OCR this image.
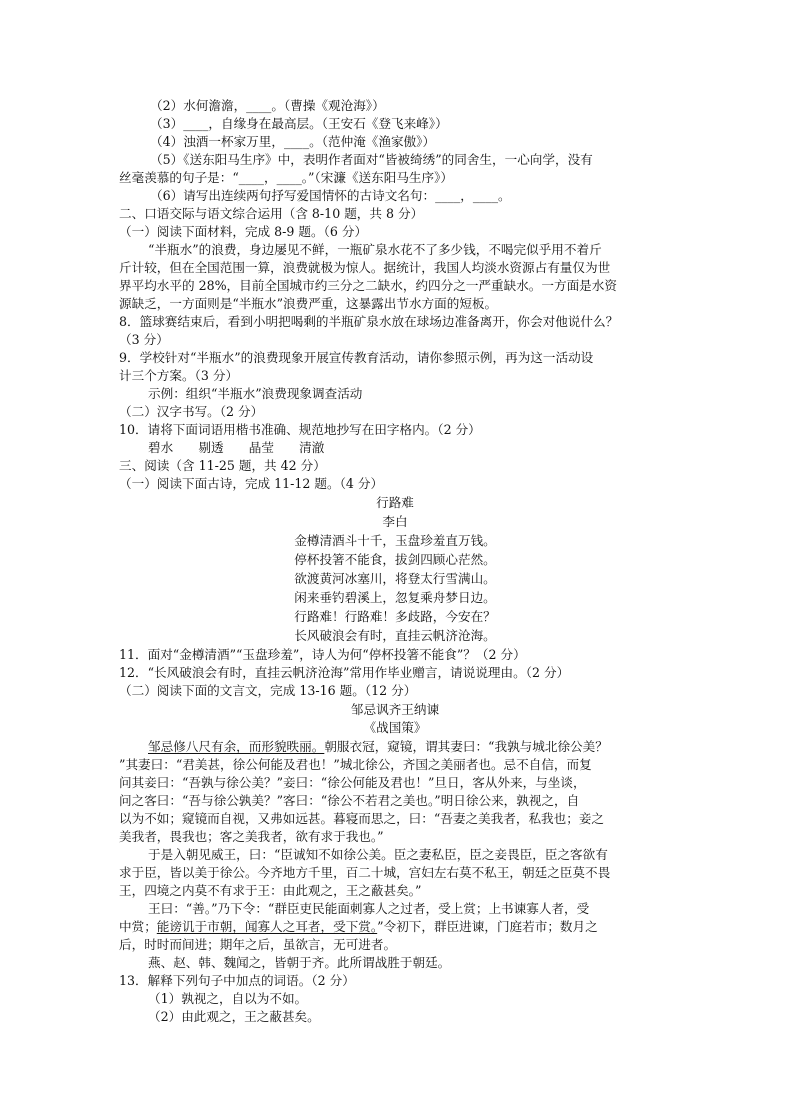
（2）水何澹澹，____。（曹操《观沧海》）
（3）____，自缘身在最高层。（王安石《登飞来峰》）
（4）浊酒一杯家万里，____。（范仲淹《渔家傲》）
（5）《送东阳马生序》中，表明作者面对“皆被绮绣”的同舍生，一心向学，没有
丝毫羡慕的句子是：“____，____。”（宋濂《送东阳马生序》）
（6）请写出连续两句抒写爱国情怀的古诗文名句：____，____。
二、口语交际与语文综合运用（含 8-10 题，共 8 分）
（一）阅读下面材料，完成 8-9 题。（6 分）
“半瓶水”的浪费，身边屡见不鲜，一瓶矿泉水花不了多少钱，不喝完似乎用不着斤
斤计较，但在全国范围一算，浪费就极为惊人。据统计，我国人均淡水资源占有量仅为世
界平均水平的 28%，目前全国城市约三分之二缺水，约四分之一严重缺水。一方面是水资
源缺乏，一方面则是“半瓶水”浪费严重，这暴露出节水方面的短板。
8．篮球赛结束后，看到小明把喝剩的半瓶矿泉水放在球场边准备离开，你会对他说什么？
（3 分）
9．学校针对“半瓶水”的浪费现象开展宣传教育活动，请你参照示例，再为这一活动设
计三个方案。（3 分）
示例：组织“半瓶水”浪费现象调查活动
（二）汉字书写。（2 分）
10．请将下面词语用楷书准确、规范地抄写在田字格内。（2 分）
碧水　　剔透　　晶莹　　清澈
三、阅读（含 11-25 题，共 42 分）
（一）阅读下面古诗，完成 11-12 题。（4 分）
行路难
李白
金樽清酒斗十千，玉盘珍羞直万钱。
停杯投箸不能食，拔剑四顾心茫然。
欲渡黄河冰塞川，将登太行雪满山。
闲来垂钓碧溪上，忽复乘舟梦日边。
行路难！行路难！多歧路，今安在？
长风破浪会有时，直挂云帆济沧海。
11．面对“金樽清酒”“玉盘珍羞”，诗人为何“停杯投箸不能食”？（2 分）
12．“长风破浪会有时，直挂云帆济沧海”常用作毕业赠言，请说说理由。（2 分）
（二）阅读下面的文言文，完成 13-16 题。（12 分）
邹忌讽齐王纳谏
《战国策》
邹忌修八尺有余，而形貌昳丽。朝服衣冠，窥镜，谓其妻曰：“我孰与城北徐公美？
”其妻曰：“君美甚，徐公何能及君也！”城北徐公，齐国之美丽者也。忌不自信，而复
问其妾曰：“吾孰与徐公美？”妾曰：“徐公何能及君也！”旦日，客从外来，与坐谈，
问之客曰：“吾与徐公孰美？”客曰：“徐公不若君之美也。”明日徐公来，孰视之，自
以为不如；窥镜而自视，又弗如远甚。暮寝而思之，曰：“吾妻之美我者，私我也；妾之
美我者，畏我也；客之美我者，欲有求于我也。”
于是入朝见威王，曰：“臣诚知不如徐公美。臣之妻私臣，臣之妾畏臣，臣之客欲有
求于臣，皆以美于徐公。今齐地方千里，百二十城，宫妇左右莫不私王，朝廷之臣莫不畏
王，四境之内莫不有求于王：由此观之，王之蔽甚矣。”
王曰：“善。”乃下令：“群臣吏民能面刺寡人之过者，受上赏；上书谏寡人者，受
中赏；能谤讥于市朝，闻寡人之耳者，受下赏。”令初下，群臣进谏，门庭若市；数月之
后，时时而间进；期年之后，虽欲言，无可进者。
燕、赵、韩、魏闻之，皆朝于齐。此所谓战胜于朝廷。
13．解释下列句子中加点的词语。（2 分）
（1）孰视之，自以为不如。
（2）由此观之，王之蔽甚矣。
